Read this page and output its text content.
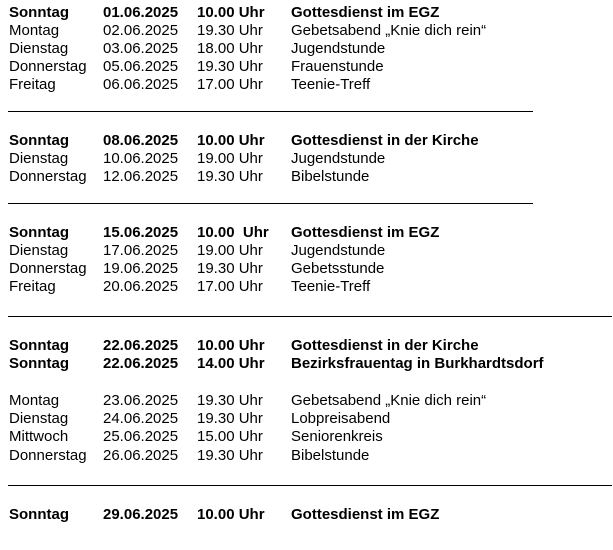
Sonntag 01.06.2025 10.00 Uhr Gottesdienst im EGZ
Montag	02.06.2025 19.30 Uhr Gebetsabend „Knie dich rein“
Dienstag 03.06.2025 18.00 Uhr Jugendstunde
Donnerstag 05.06.2025 19.30 Uhr Frauenstunde
Freitag	06.06.2025 17.00 Uhr Teenie-Treff
Sonntag 08.06.2025 10.00 Uhr Gottesdienst in der Kirche
Dienstag 10.06.2025 19.00 Uhr Jugendstunde
Donnerstag 12.06.2025 19.30 Uhr Bibelstunde
Sonntag 15.06.2025 10.00  Uhr Gottesdienst im EGZ
Dienstag 17.06.2025 19.00 Uhr Jugendstunde
Donnerstag 19.06.2025 19.30 Uhr Gebetsstunde
Freitag	20.06.2025 17.00 Uhr Teenie-Treff
Sonntag 22.06.2025 10.00 Uhr Gottesdienst in der Kirche
Sonntag 22.06.2025 14.00 Uhr Bezirksfrauentag in Burkhardtsdorf
Montag	23.06.2025 19.30 Uhr Gebetsabend „Knie dich rein“
Dienstag 24.06.2025 19.30 Uhr Lobpreisabend
Mittwoch 25.06.2025 15.00 Uhr Seniorenkreis
Donnerstag 26.06.2025 19.30 Uhr Bibelstunde
Sonntag 29.06.2025 10.00 Uhr Gottesdienst im EGZ
